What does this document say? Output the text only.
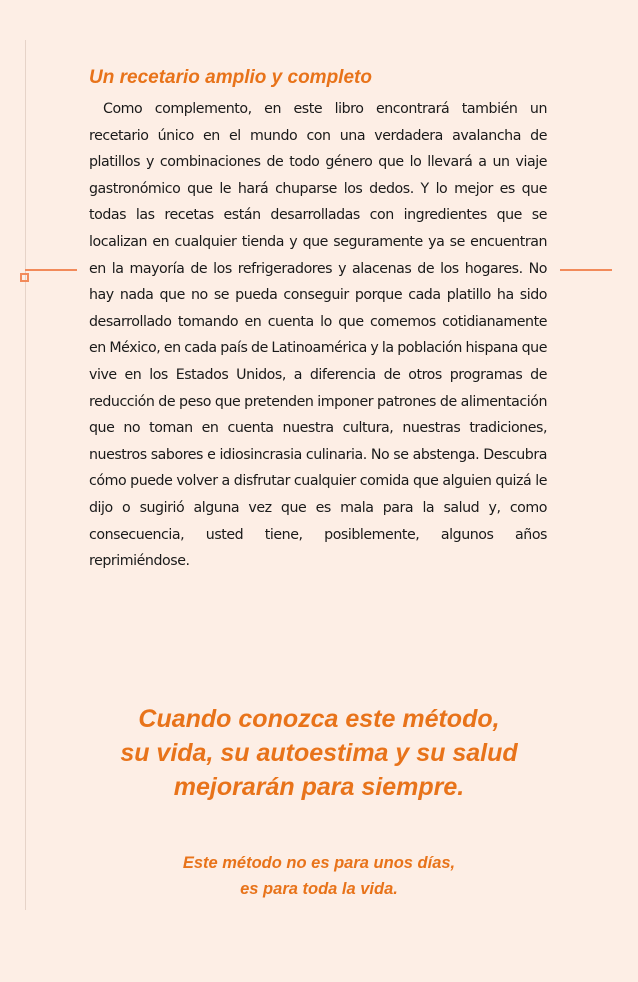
Un recetario amplio y completo

Como complemento, en este libro encontrará también un recetario único en el mundo con una verdadera avalancha de platillos y combinaciones de todo género que lo llevará a un viaje gastronómico que le hará chuparse los dedos. Y lo mejor es que todas las recetas están desarrolladas con ingredientes que se localizan en cualquier tienda y que seguramente ya se encuentran en la mayoría de los refrigeradores y alacenas de los hogares. No hay nada que no se pueda conseguir porque cada platillo ha sido desarrollado tomando en cuenta lo que comemos cotidianamente en México, en cada país de Latinoamérica y la población hispana que vive en los Estados Unidos, a diferencia de otros programas de reducción de peso que pretenden imponer patrones de alimentación que no toman en cuenta nuestra cultura, nuestras tradiciones, nuestros sabores e idiosincrasia culinaria. No se abstenga. Descubra cómo puede volver a disfrutar cualquier comida que alguien quizá le dijo o sugirió alguna vez que es mala para la salud y, como consecuencia, usted tiene, posiblemente, algunos años reprimiéndose.

Cuando conozca este método,
su vida, su autoestima y su salud
mejorarán para siempre.
Este método no es para unos días,
es para toda la vida.
